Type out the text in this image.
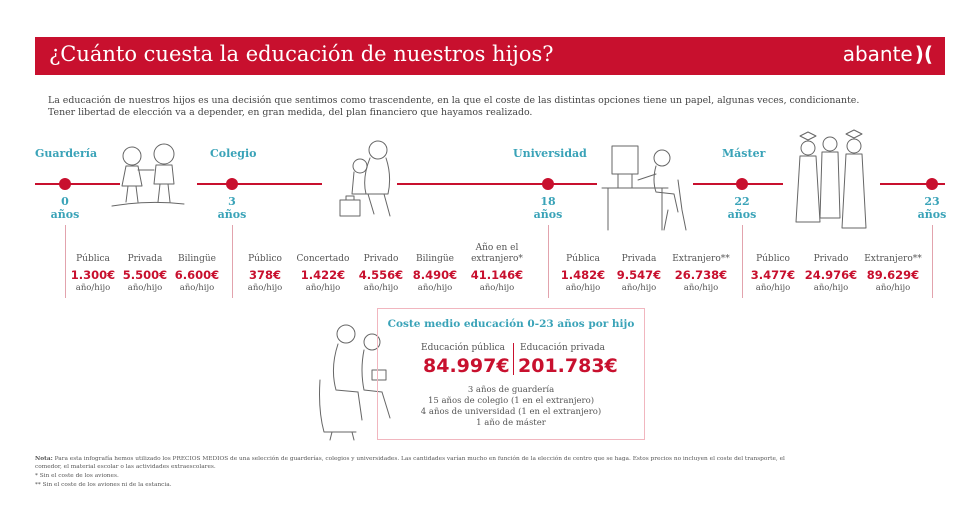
¿Cuánto cuesta la educación de nuestros hijos?	abante )(
La educación de nuestros hijos es una decisión que sentimos como trascendente, en la que el coste de las distintas opciones tiene un papel, algunas veces, condicionante.
Tener libertad de elección va a depender, en gran medida, del plan financiero que hayamos realizado.
Guardería	Colegio	Universidad	Máster
0
años
3
años
18
años
22
años
23
años
Pública
1.300€
año/hijo
Privada
5.500€
año/hijo
Bilingüe
6.600€
año/hijo
Público
378€
año/hijo
Concertado
1.422€
año/hijo
Privado
4.556€
año/hijo
Bilingüe
8.490€
año/hijo
Año en el
extranjero*
41.146€
año/hijo
Pública
1.482€
año/hijo
Privada
9.547€
año/hijo
Extranjero**
26.738€
año/hijo
Público
3.477€
año/hijo
Privado
24.976€
año/hijo
Extranjero**
89.629€
año/hijo
Coste medio educación 0-23 años por hijo
Educación pública
84.997€
Educación privada
201.783€
3 años de guardería
15 años de colegio (1 en el extranjero)
4 años de universidad (1 en el extranjero)
1 año de máster
Nota: Para esta infografía hemos utilizado los PRECIOS MEDIOS de una selección de guarderías, colegios y universidades. Las cantidades varían mucho en función de la elección de centro que se haga. Estos precios no incluyen el coste del transporte, el
comedor, el material escolar o las actividades extraescolares.
* Sin el coste de los aviones.
** Sin el coste de los aviones ni de la estancia.
